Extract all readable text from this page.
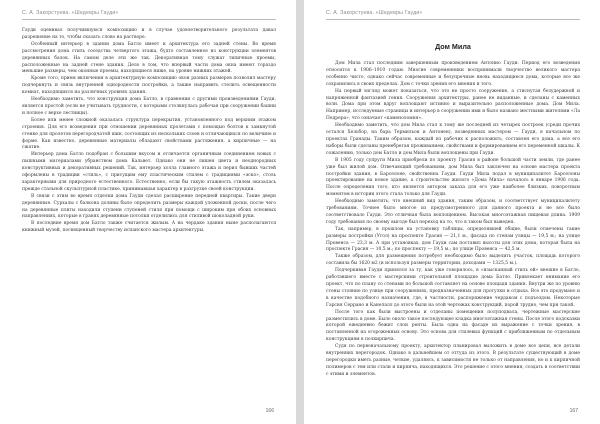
С. А. Закорстуева. «Шедевры Гауди»

Гауди оценивал получившуюся композицию и в случае удовлетворительного результата давал разрешение на то, чтобы сказать слово на растворе.

Особенный интерьер в здании дома Батло имеет и архитектура его задней стены. Во время рассмотрения дома стиль соседства четвертого этажа, будто составленное из конструкции элементов деревянных балок. На самом деле эти же так. Декоративная тому служат типичные проемы, расположенные на задней стене здания. Дело в том, что впервый части дома окна имеют гораздо меньшие размеры, чем оконные проемы, находящиеся ниже, на уровне нижних этажей.

Кроме того, прием включения в архитектурную композицию окон разных размеров позволил мастеру подчеркнуть и связь внутренней однородности постройки, а также направить стелить освещенности комнат, находящихся на различных уровнях здания.

Необходимо заметить, что конструкция дома Батло, в сравнении с другими произведениями Гауди, является простой (если не учитывать трудности, с которыми столкнулась рабочая при сооружении башни и полное с верхе лестницы).

Более или менее сложной оказалась структура перекрытия, установленного под верхним этажом строения. Для его возведения при отношении деревянных пролетами с помощью болтов к замкнутой стенке для пролетов перегородчатой шин, состоящих из нескольких слоев и отличающихся по величине и форме. Как известно, деревянные материалы обладают свойствами растяжения, а кирпичные — на сжатие.

Интерьер дома Батло подобран с большим вкусом и отличается органичным соединением новых с пышными материалами убранством дома Кальвет. Однако они не лишен цвета и неоднородных конструктивных и декоративных решений. Так, интерьер холла главного этажа и перил бывших частей оформлены в традиции «стиль», с присущим ему пластическим стилем с традициями «эско», столь характерными для природного естественного. Естественно, если бы такую этажность стилем оказалась прежде стальной скульптурной пластике, принимавшая характер в разгрузке своей конструкции.

В связи с этим во время отделки дома Гауди сделал расширение передней квартиры. Такие двери деревянные. Сурхалы с балкона долины было определить размеры каждой уложенной доски, после чего на деревянные плиты находили ступени ступеней стиля при помощи с широким при обоих основных направлениях, которые в гранях деревянные потолки отделились для стиливой шоколадной руки.

В последние время дом Батло также считается жилым. А на чердаке здания ныне располагаются книжный музей, посвященный творчеству испанского мастера архитектуры.

166
С. А. Закорстуева. «Шедевры Гауди»
Дом Мила

Дом Мила стал последним завершенным произведением Антонио Гауди. Период его возведения относится к 1906–1910 годам. Многие современники воспринимали творчество великого мастера особенно чисто, однако сейчас современные и безупречные вновь находящиеся дома, которые все же сохранились в своих пределах. Дом с точки зрения его мнения и того.

На первый взгляд может показаться, что это не просто сооружение, а стиснутая безудержной и напряженной фантазией гения. Сооружения архитектуры, ранее не виданные, и сделаны с каменных волн. Дома при этом вдруг воплощают истинно и выразительно расположенные дома. Дом Мила. Например, исследуемые страницы и интерьер в сооружении ими и было названо местными жителями «Ла Педрера», что означает «каменоломня».

Необходимо заметить, что дом Мила стал к тому же последней из четырех построек (среди прочих остался Хельбор, на бара Термильон и Антонен), возведенных мастером — Гауди, в начальном по проектах Гранады. Таким образом, каждый из рабочих к расположить, составлен его дома, а все его наборы были сделаны пренебрегая проживанием, свойствами и формированием его переменной шкалы. К сожалению, только дом Батло и дом Мила были воплощены при Гауди.

В 1905 году супруги Мила приобрели по проекту Грасия в районе большой части земли, где ранее уже был жилой дом. Отвечающий требованиям, дом Мила был заключен на основе мастера проекта постройки здания, в Барселоне, свойственна Гауди. Гауди Мила подал в муниципалитет Барселоны проектирование на новое здание, а строительство жилого «Дома Мила» началось в январе 1906 года. После определения того, кто является автором заказа для его уже наиболее близких, поворотным моментом в истории этого стала только для Гауди.

Необходимо заметить, что внешний вид здания, таким образом, и соответствует муниципалитету требованиям. Точнее было многое из предусмотренного для данного проекта и не все было соответствовало Гауди. Это отличная была воплощением. Высокая многоэтажная пищевая длина. 1909 году требования по своему выгоде был переход на то, что в таком был выведен.

Так, например, в прошлом на установку таблицы, определявшей общие, были отмечены такие размеры постройки (Угол) на проспекте Грасия — 21,1 м., фасада по стенам улицы — 19,5 м.; на улице Провенса — 23,3 м. А при установках, дом Гауди сам поставил высоты для этих дома, которая была на проспекте Грасия — 10,5 м.; по проспекту — 19,5 м.; по улице Провенса — 42,5 м.

Также образом, для размещения потребует необходимо было выделить участок, площадь которого составила бы 1620 м2 (и используя размеры территории, доходами — 1325,5 м.).

Подчеркивая Гауди принялся за ту, как уже говорилось, в «изысканный стиль ей» внешне в Батло, работавшего вместе с мастерскими строительной площадке дома Батло. Привлекает внимание его проект, что по плану со стенами по большой составляет на основе площади здания. Внутри же по уровню стены стояние по улице при сооружениях, предназначенных для прогулки и отдыха. Все это продумано и в качестве подобного назначения, где, в частности, распоряжение чердаком с подъездом. Некоторые Гарсия Серрано и Канелалл до этого были на этой чертежах конструкций, порой трудно, чем при такой.

После того как были выстроены и отделаны помещения полуподвала, чертежные мастерские разместились в доме. Было около такое последующее кладка многоэтажная стены. После этого подсказки которой ежедневно бежит слои ренты. Была одна на фасаде их выражение с точки зрения, в поставленной на огороженных основу. Это основа для стилевых функций с приближенным по отдельным конструкциям в полкирпича.

Судя по первоначальному проекту, архитектор планировал выложить в доме все цепи, все детали внутренних перегородок. Однако в дальнейшем от оттуда из этого. В результате существующий в доме перегородки иметь разные, четкие, удаляясь, к зависимости не только от направления, но и к кирпичной полимеров с тем или стали и кирпича, находящихся. Это решение с этого мнения, создать в соответствии с этими и элементов.

167
